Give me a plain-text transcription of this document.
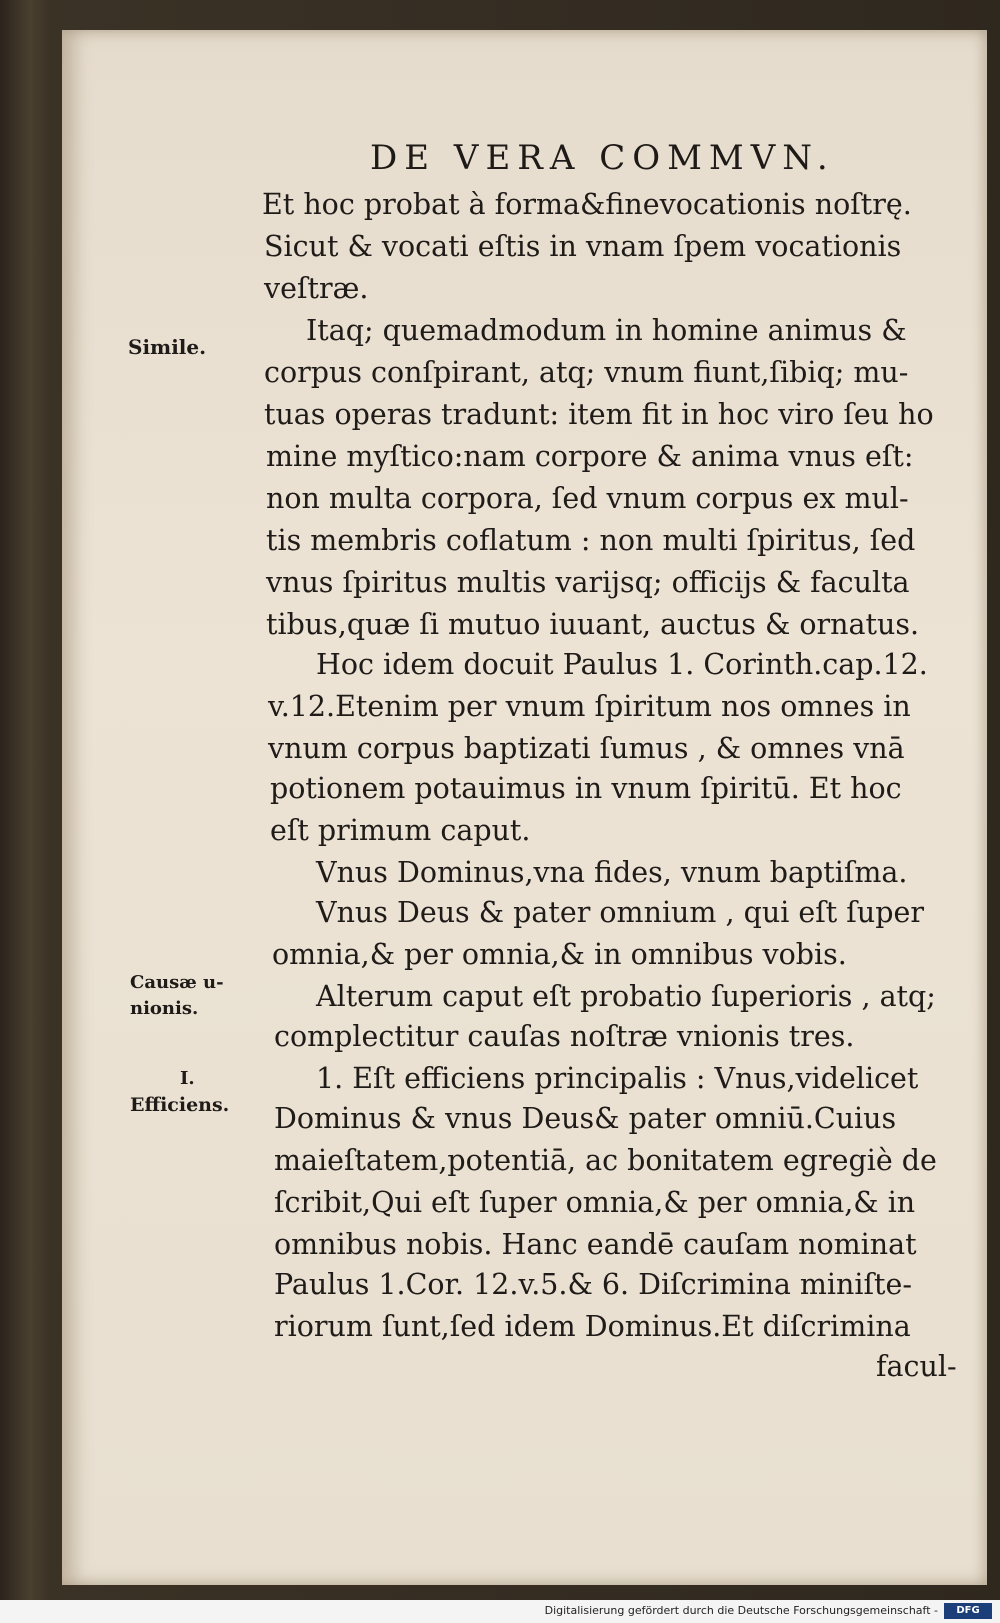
DE VERA COMMVN.
Simile.
Causæ u-
nionis.
I.
Efficiens.
Et hoc probat à forma&finevocationis noſtrę.
Sicut & vocati eſtis in vnam ſpem vocationis
veſtræ.
Itaq; quemadmodum in homine animus &
corpus conſpirant, atq; vnum fiunt,ſibiq; mu-
tuas operas tradunt: item fit in hoc viro ſeu ho
mine myſtico:nam corpore & anima vnus eſt:
non multa corpora, ſed vnum corpus ex mul-
tis membris coflatum : non multi ſpiritus, ſed
vnus ſpiritus multis varijsq; officijs & faculta
tibus,quæ ſi mutuo iuuant, auctus & ornatus.
Hoc idem docuit Paulus 1. Corinth.cap.12.
v.12.Etenim per vnum ſpiritum nos omnes in
vnum corpus baptizati ſumus , & omnes vnā
potionem potauimus in vnum ſpiritū. Et hoc
eſt primum caput.
Vnus Dominus,vna fides, vnum baptiſma.
Vnus Deus & pater omnium , qui eſt ſuper
omnia,& per omnia,& in omnibus vobis.
Alterum caput eſt probatio ſuperioris , atq;
complectitur cauſas noſtræ vnionis tres.
1. Eſt efficiens principalis : Vnus,videlicet
Dominus & vnus Deus& pater omniū.Cuius
maieſtatem,potentiā, ac bonitatem egregiè de
ſcribit,Qui eſt ſuper omnia,& per omnia,& in
omnibus nobis. Hanc eandē cauſam nominat
Paulus 1.Cor. 12.v.5.& 6. Diſcrimina miniſte-
riorum ſunt,ſed idem Dominus.Et diſcrimina
facul-
Digitalisierung gefördert durch die Deutsche Forschungsgemeinschaft -	DFG
